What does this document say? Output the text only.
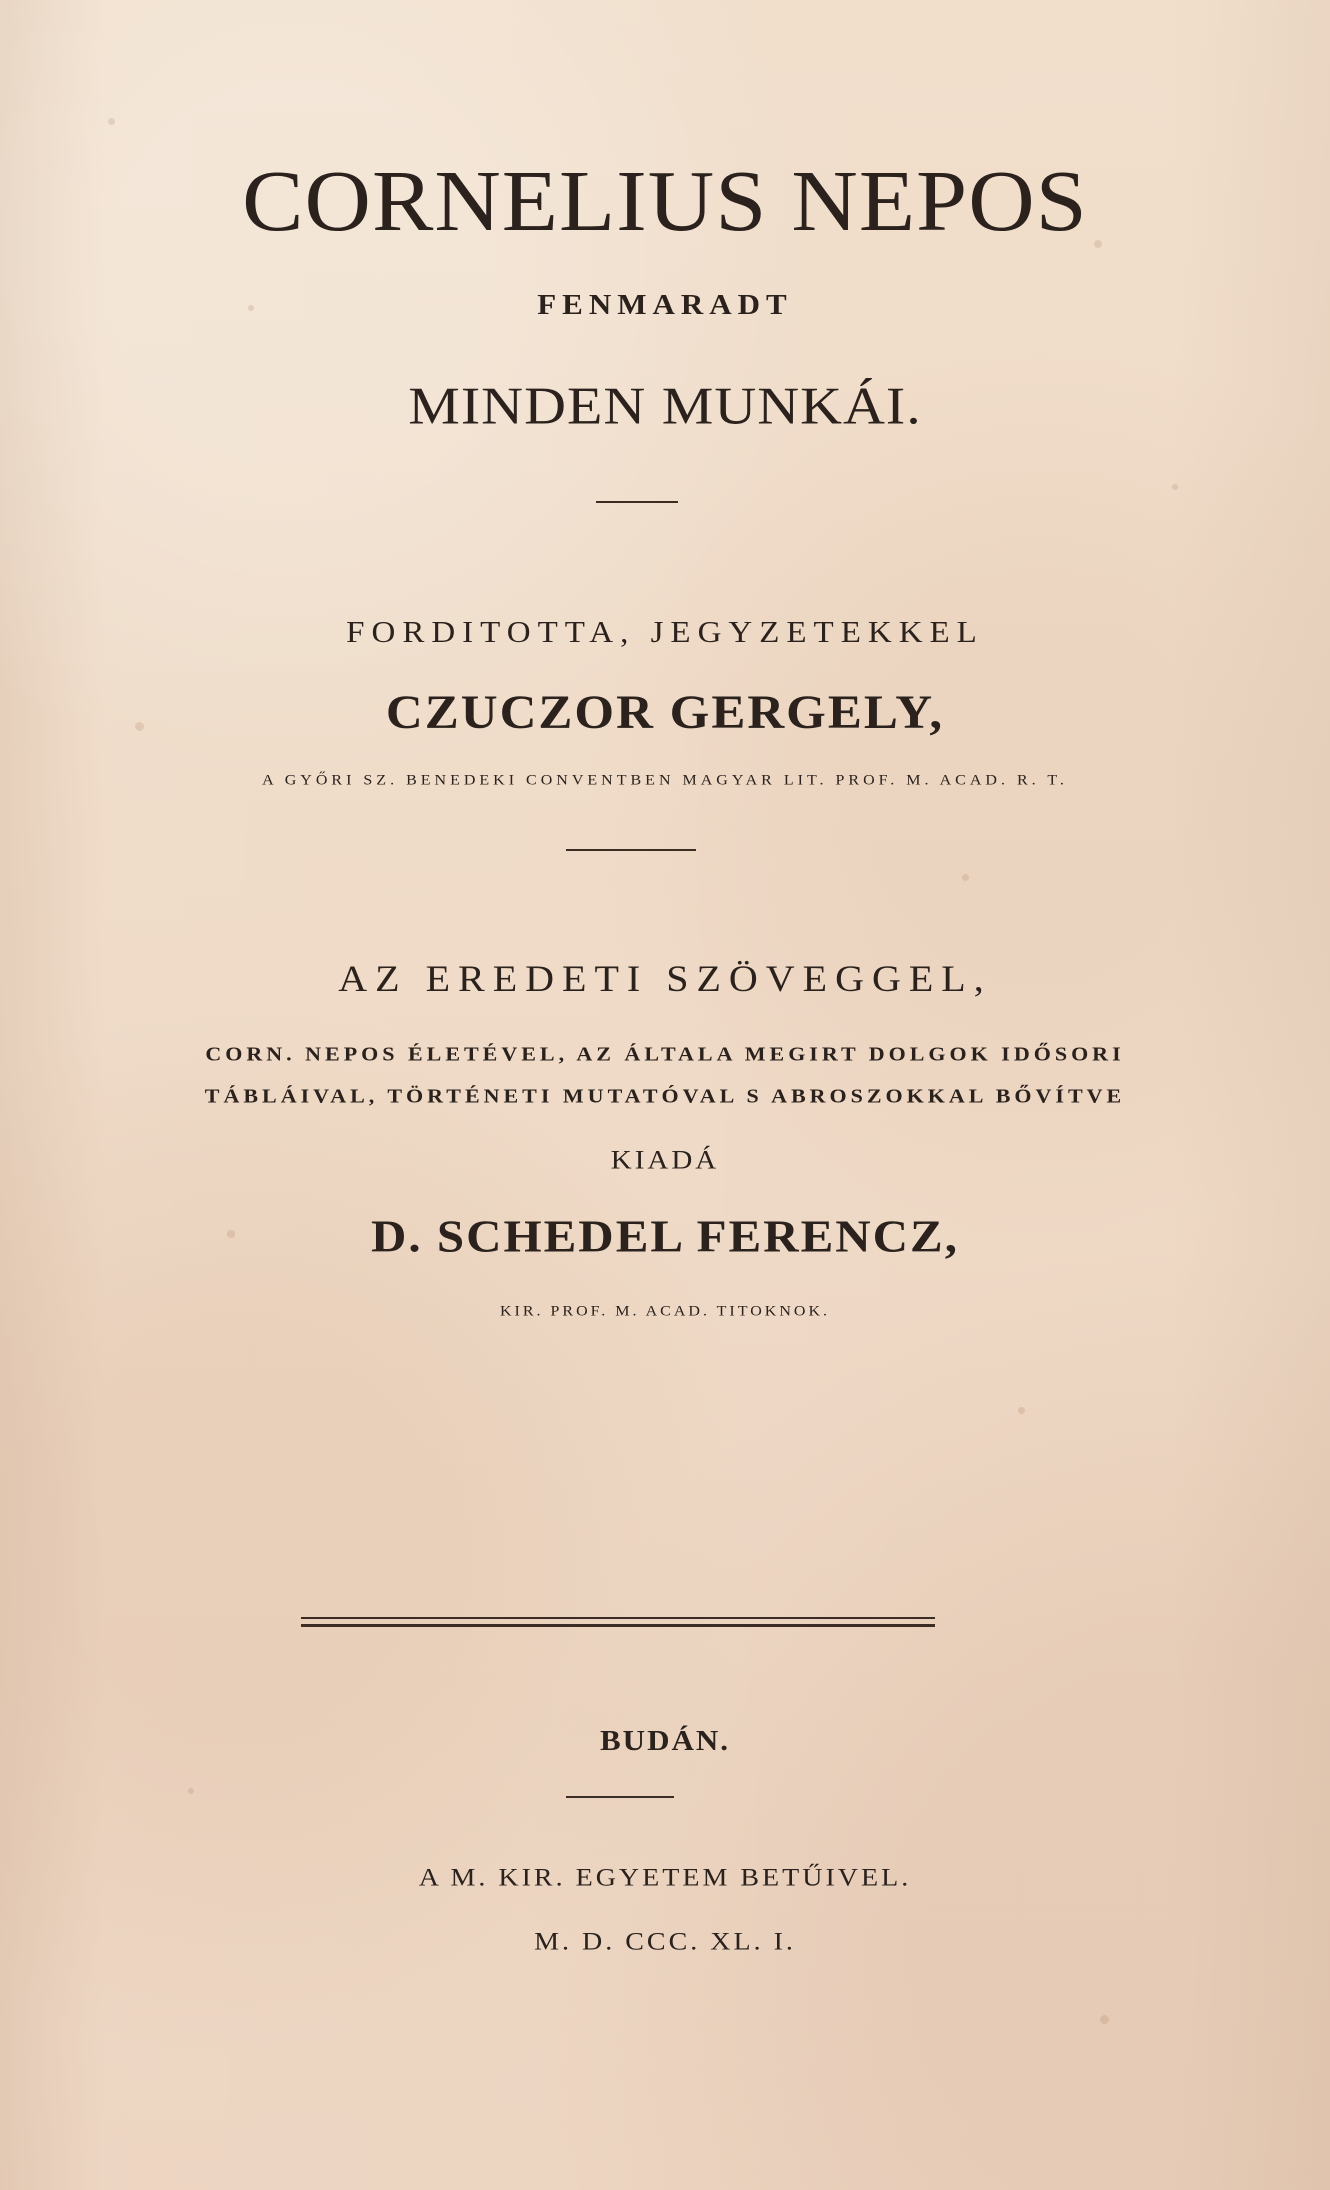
CORNELIUS NEPOS
FENMARADT
MINDEN MUNKÁI.
FORDITOTTA, JEGYZETEKKEL
CZUCZOR GERGELY,
A GYŐRI SZ. BENEDEKI CONVENTBEN MAGYAR LIT. PROF. M. ACAD. R. T.
AZ EREDETI SZÖVEGGEL,
CORN. NEPOS ÉLETÉVEL, AZ ÁLTALA MEGIRT DOLGOK IDŐSORI
TÁBLÁIVAL, TÖRTÉNETI MUTATÓVAL S ABROSZOKKAL BŐVÍTVE
KIADÁ
D. SCHEDEL FERENCZ,
KIR. PROF. M. ACAD. TITOKNOK.
BUDÁN.
A M. KIR. EGYETEM BETŰIVEL.
M. D. CCC. XL. I.
